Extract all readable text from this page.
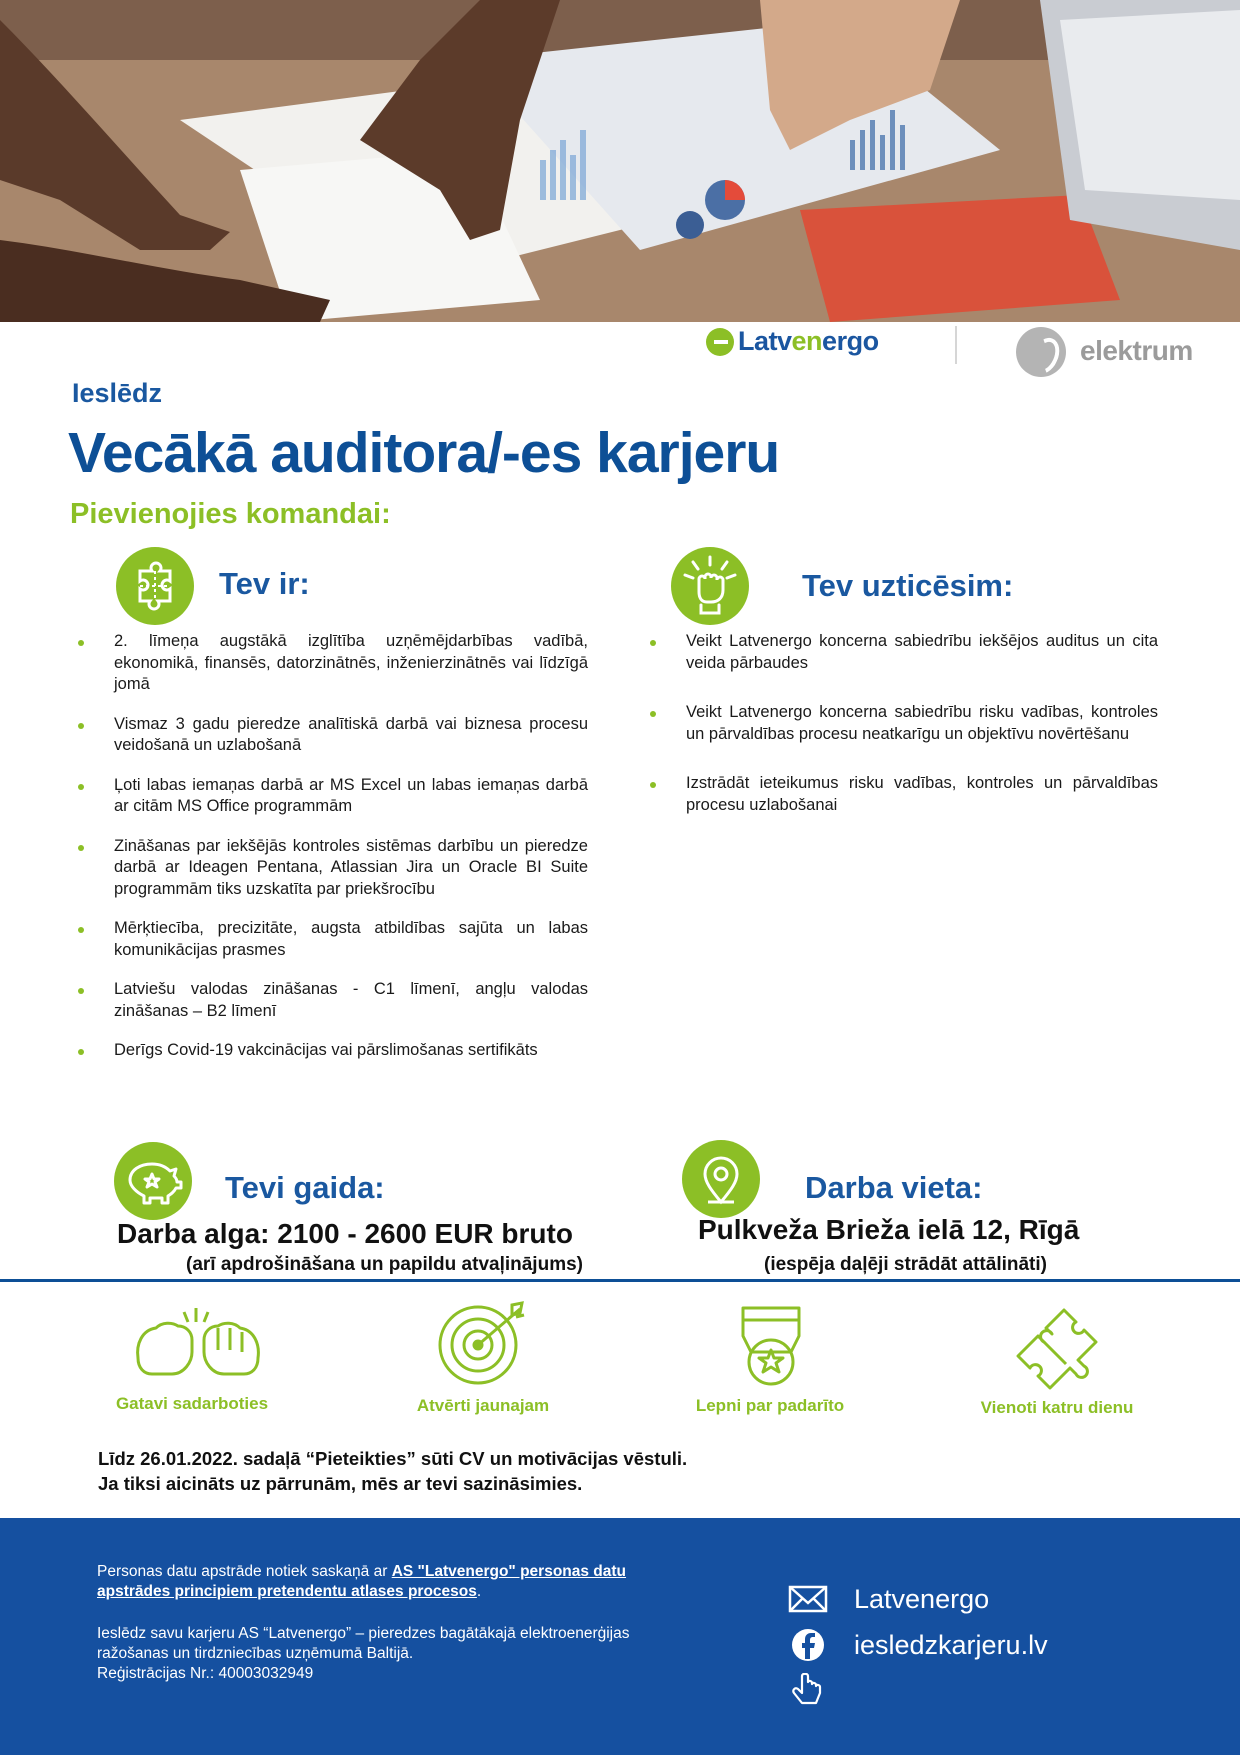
Latv en ergo	elektrum
Ieslēdz
Vecākā auditora/-es karjeru
Pievienojies komandai:
Tev ir:
2. līmeņa augstākā izglītība uzņēmējdarbības vadībā, ekonomikā, finansēs, datorzinātnēs, inženierzinātnēs vai līdzīgā jomā
Vismaz 3 gadu pieredze analītiskā darbā vai biznesa procesu veidošanā un uzlabošanā
Ļoti labas iemaņas darbā ar MS Excel un labas iemaņas darbā ar citām MS Office programmām
Zināšanas par iekšējās kontroles sistēmas darbību un pieredze darbā ar Ideagen Pentana, Atlassian Jira un Oracle BI Suite programmām tiks uzskatīta par priekšrocību
Mērķtiecība, precizitāte, augsta atbildības sajūta un labas komunikācijas prasmes
Latviešu valodas zināšanas - C1 līmenī, angļu valodas zināšanas – B2 līmenī
Derīgs Covid-19 vakcinācijas vai pārslimošanas sertifikāts
Tev uzticēsim:
Veikt Latvenergo koncerna sabiedrību iekšējos auditus un cita veida pārbaudes
Veikt Latvenergo koncerna sabiedrību risku vadības, kontroles un pārvaldības procesu neatkarīgu un objektīvu novērtēšanu
Izstrādāt ieteikumus risku vadības, kontroles un pārvaldības procesu uzlabošanai
Tevi gaida:
Darba alga: 2100 - 2600 EUR bruto
(arī apdrošināšana un papildu atvaļinājums)
Darba vieta:
Pulkveža Brieža ielā 12, Rīgā
(iespēja daļēji strādāt attālināti)
Gatavi sadarboties	Atvērti jaunajam	Lepni par padarīto	Vienoti katru dienu
Līdz 26.01.2022. sadaļā “Pieteikties” sūti CV un motivācijas vēstuli.
Ja tiksi aicināts uz pārrunām, mēs ar tevi sazināsimies.

Personas datu apstrāde notiek saskaņā ar AS "Latvenergo" personas datu apstrādes principiem pretendentu atlases procesos.

Ieslēdz savu karjeru AS “Latvenergo” – pieredzes bagātākajā elektroenerģijas ražošanas un tirdzniecības uzņēmumā Baltijā.

Reģistrācijas Nr.: 40003032949

Latvenergo
iesledzkarjeru.lv
